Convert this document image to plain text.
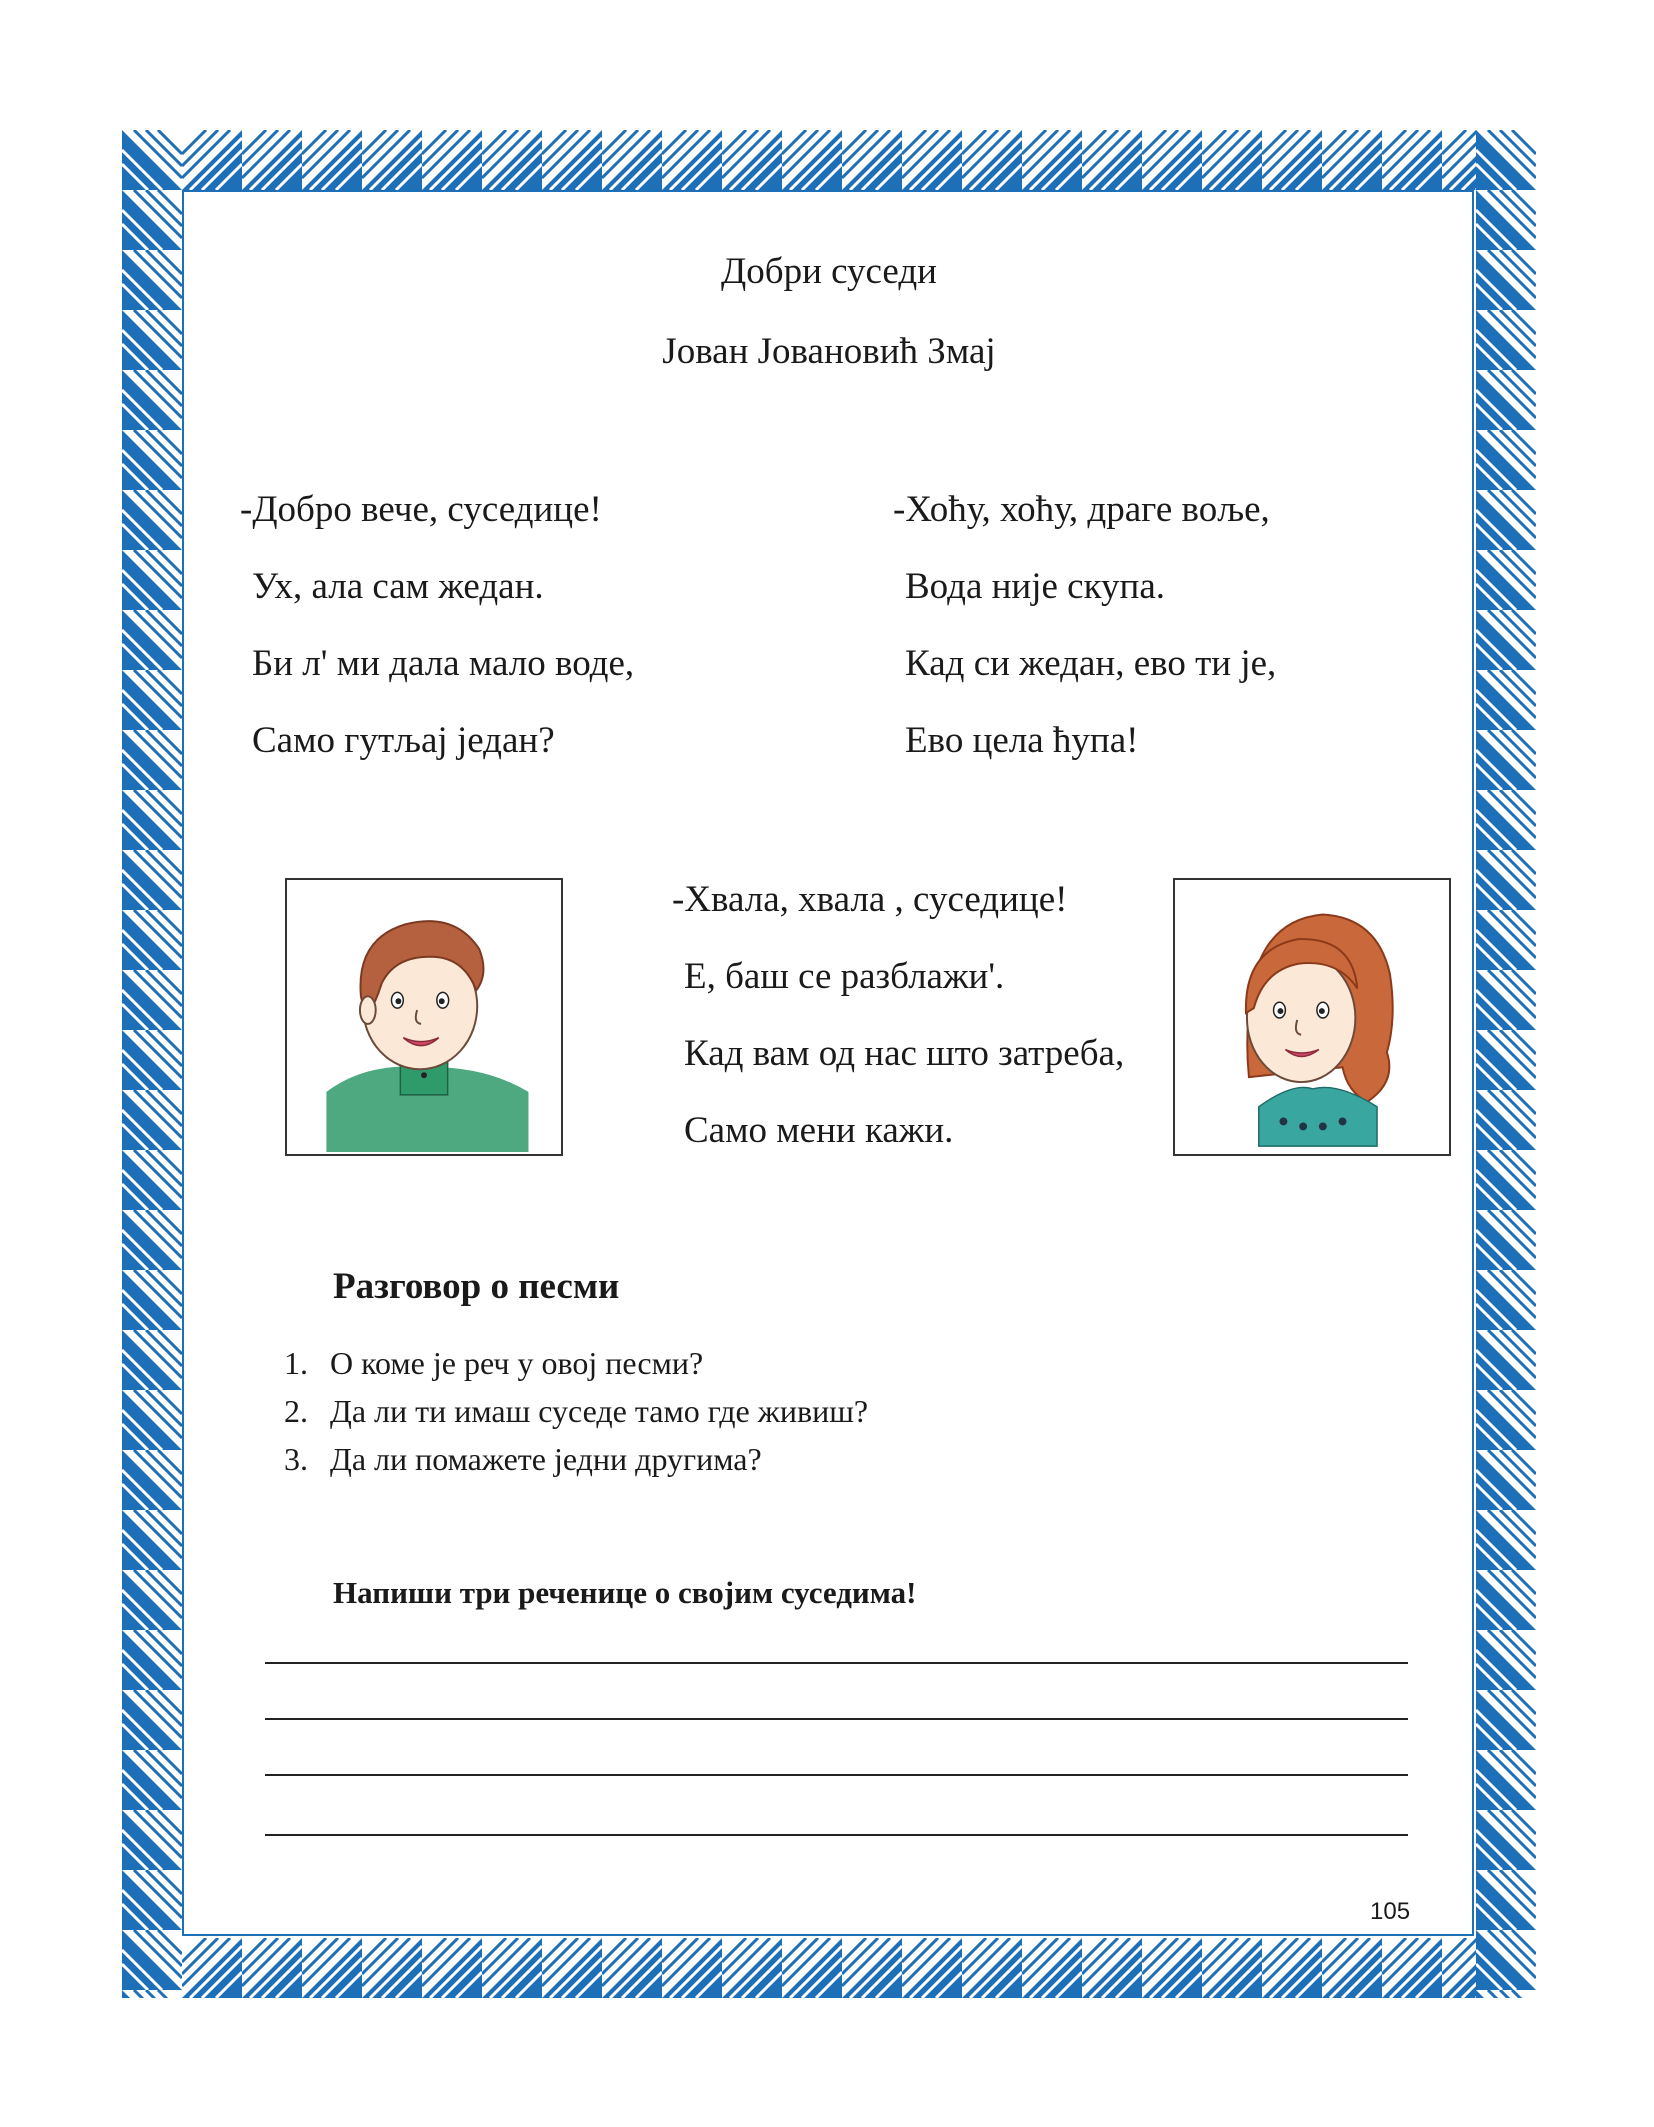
Добри суседи
Јован Јовановић Змај
-Добро вече, суседице!
Ух, ала сам жедан.
Би л' ми дала мало воде,
Само гутљај један?
-Хоћу, хоћу, драге воље,
Вода није скупа.
Кад си жедан, ево ти је,
Ево цела ћупа!
-Хвала, хвала , суседице!
Е, баш се разблажи'.
Кад вам од нас што затреба,
Само мени кажи.
Разговор о песми
1. О коме је реч у овој песми?
2. Да ли ти имаш суседе тамо где живиш?
3. Да ли помажете једни другима?
Напиши три реченице о својим суседима!
105
